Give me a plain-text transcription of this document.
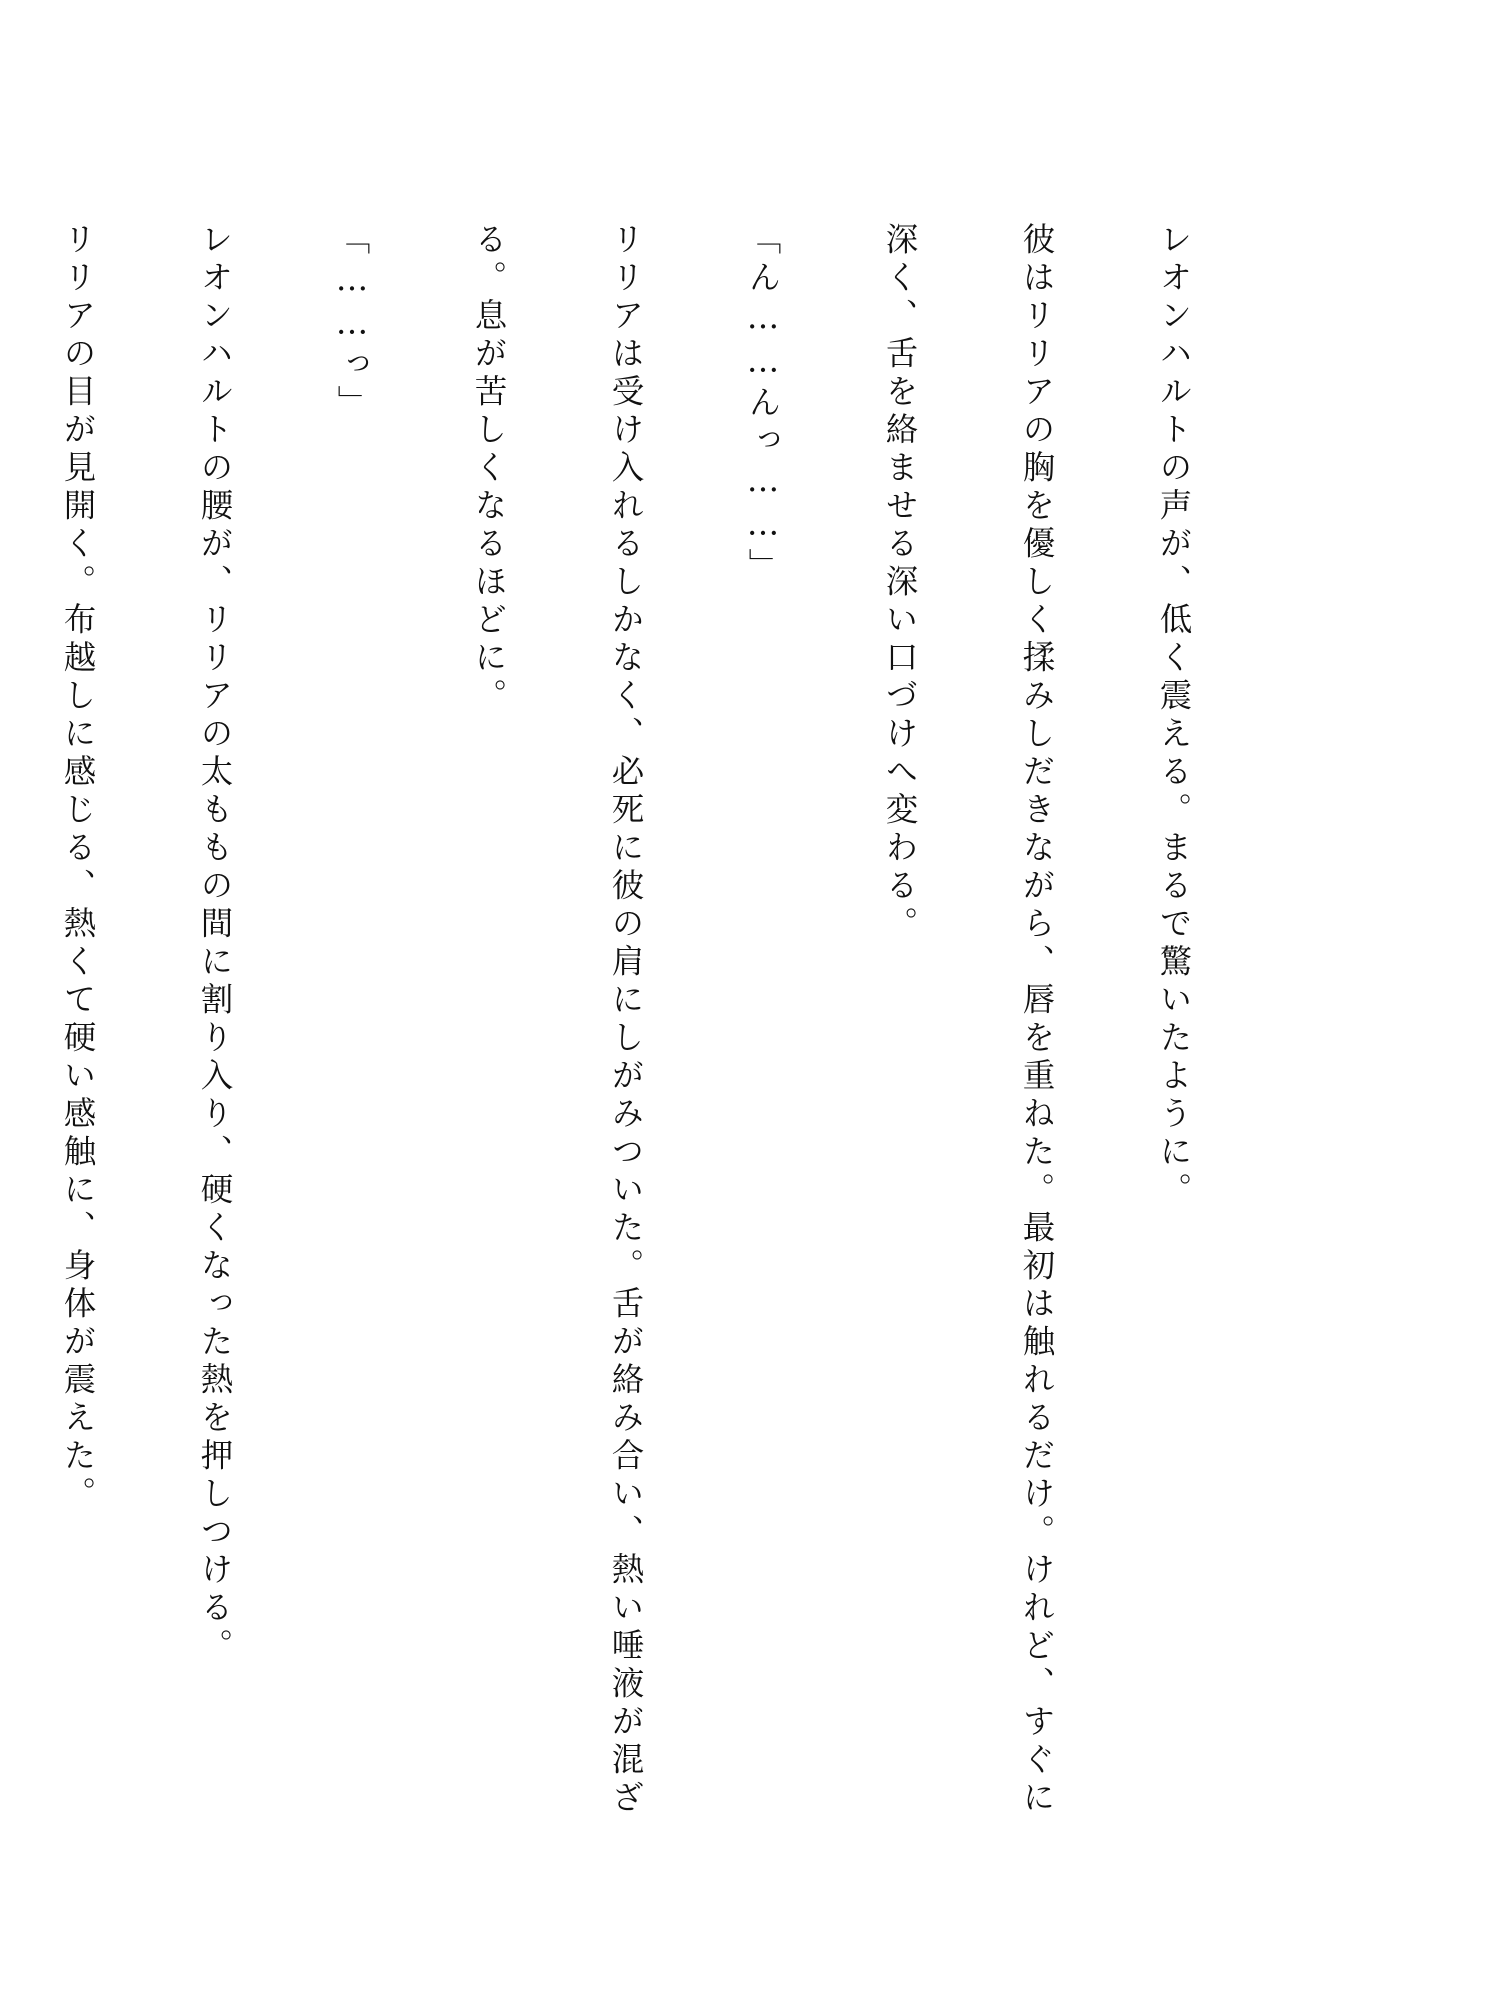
レオンハルトの声が、低く震える。まるで驚いたように。

彼はリリアの胸を優しく揉みしだきながら、唇を重ねた。最初は触れるだけ。けれど、すぐに深く、舌を絡ませる深い口づけへ変わる。

「ん……んっ……」

リリアは受け入れるしかなく、必死に彼の肩にしがみついた。舌が絡み合い、熱い唾液が混ざる。息が苦しくなるほどに。

「……っ」

レオンハルトの腰が、リリアの太ももの間に割り入り、硬くなった熱を押しつける。

リリアの目が見開く。布越しに感じる、熱くて硬い感触に、身体が震えた。
